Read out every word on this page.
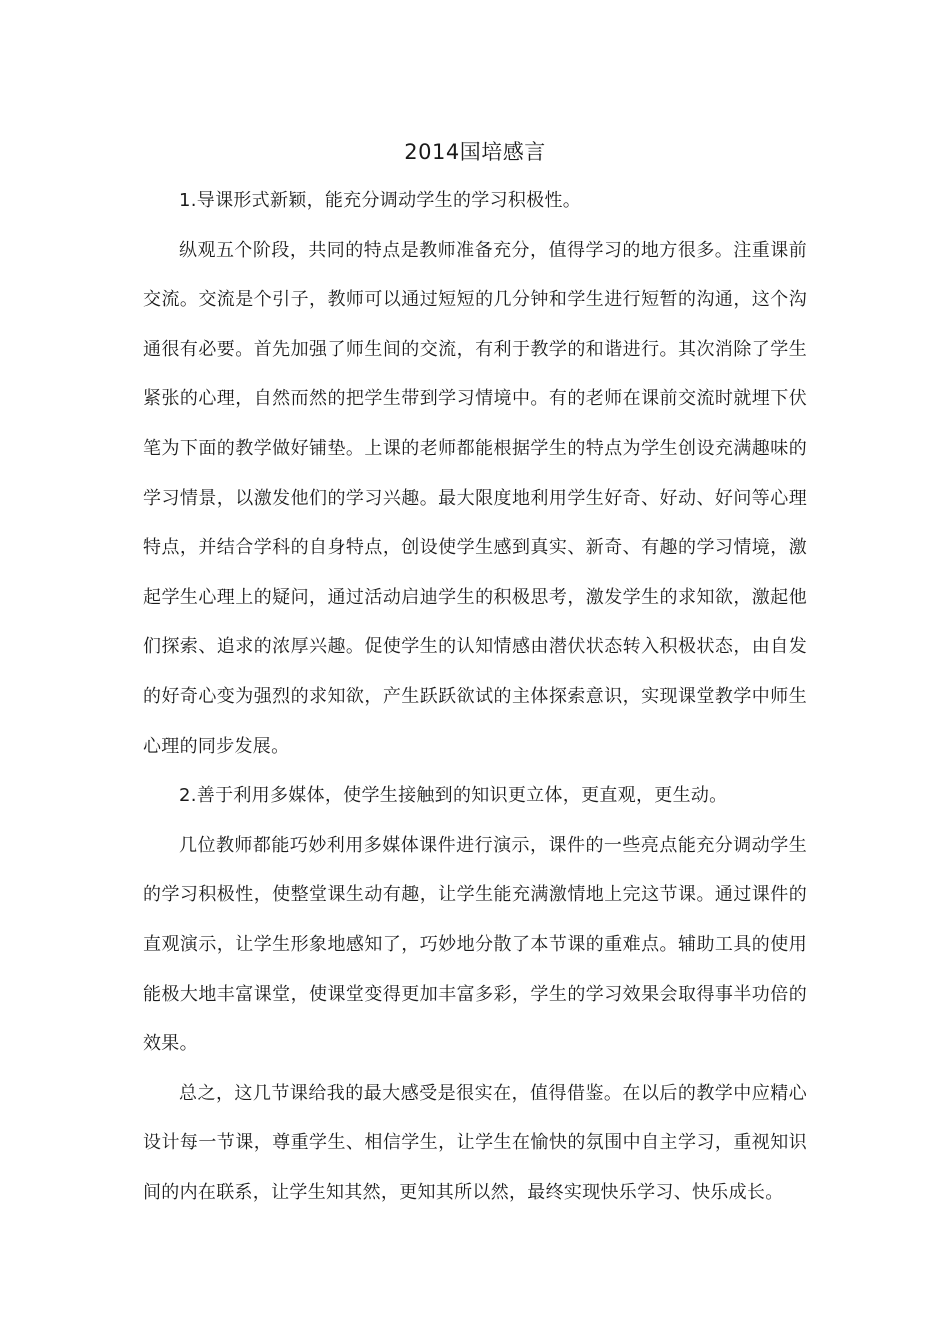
2014国培感言

1.导课形式新颖，能充分调动学生的学习积极性。

纵观五个阶段，共同的特点是教师准备充分，值得学习的地方很多。注重课前交流。交流是个引子，教师可以通过短短的几分钟和学生进行短暂的沟通，这个沟通很有必要。首先加强了师生间的交流，有利于教学的和谐进行。其次消除了学生紧张的心理，自然而然的把学生带到学习情境中。有的老师在课前交流时就埋下伏笔为下面的教学做好铺垫。上课的老师都能根据学生的特点为学生创设充满趣味的学习情景，以激发他们的学习兴趣。最大限度地利用学生好奇、好动、好问等心理特点，并结合学科的自身特点，创设使学生感到真实、新奇、有趣的学习情境，激起学生心理上的疑问，通过活动启迪学生的积极思考，激发学生的求知欲，激起他们探索、追求的浓厚兴趣。促使学生的认知情感由潜伏状态转入积极状态，由自发的好奇心变为强烈的求知欲，产生跃跃欲试的主体探索意识，实现课堂教学中师生心理的同步发展。

2.善于利用多媒体，使学生接触到的知识更立体，更直观，更生动。

几位教师都能巧妙利用多媒体课件进行演示，课件的一些亮点能充分调动学生的学习积极性，使整堂课生动有趣，让学生能充满激情地上完这节课。通过课件的直观演示，让学生形象地感知了，巧妙地分散了本节课的重难点。辅助工具的使用能极大地丰富课堂，使课堂变得更加丰富多彩，学生的学习效果会取得事半功倍的效果。

总之，这几节课给我的最大感受是很实在，值得借鉴。在以后的教学中应精心设计每一节课，尊重学生、相信学生，让学生在愉快的氛围中自主学习，重视知识间的内在联系，让学生知其然，更知其所以然，最终实现快乐学习、快乐成长。
